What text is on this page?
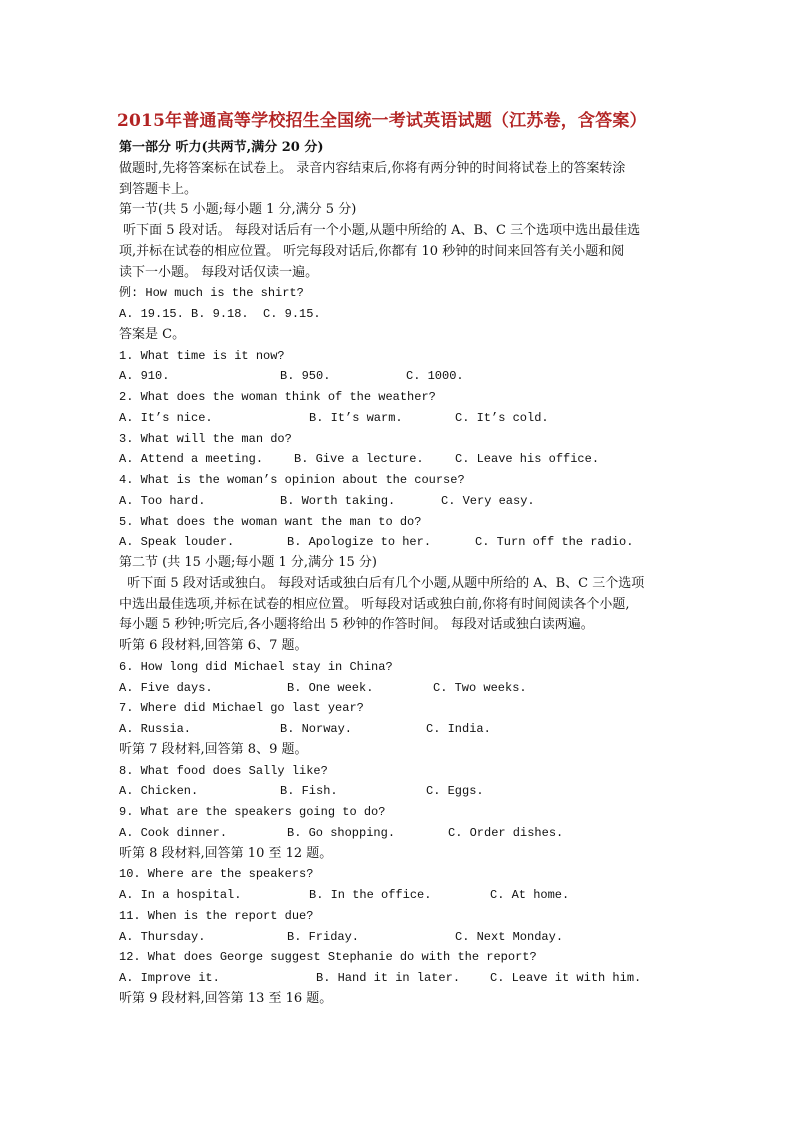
2015年普通高等学校招生全国统一考试英语试题（江苏卷，含答案）
第一部分 听力(共两节,满分 20 分)
做题时,先将答案标在试卷上。 录音内容结束后,你将有两分钟的时间将试卷上的答案转涂
到答题卡上。
第一节(共 5 小题;每小题 1 分,满分 5 分)
听下面 5 段对话。 每段对话后有一个小题,从题中所给的 A、B、C 三个选项中选出最佳选
项,并标在试卷的相应位置。 听完每段对话后,你都有 10 秒钟的时间来回答有关小题和阅
读下一小题。 每段对话仅读一遍。
例: How much is the shirt?
A. 19.15. B. 9.18.  C. 9.15.
答案是 C。
1. What time is it now?

A. 910.

	B. 950.

	C. 1000.

2. What does the woman think of the weather?

A. It’s nice.

	B. It’s warm.

	C. It’s cold.

3. What will the man do?

A. Attend a meeting.

	B. Give a lecture.

	C. Leave his office.

4. What is the woman’s opinion about the course?

A. Too hard.

	B. Worth taking.

	C. Very easy.

5. What does the woman want the man to do?

A. Speak louder.

	B. Apologize to her.

	C. Turn off the radio.

第二节 (共 15 小题;每小题 1 分,满分 15 分)
听下面 5 段对话或独白。 每段对话或独白后有几个小题,从题中所给的 A、B、C 三个选项
中选出最佳选项,并标在试卷的相应位置。 听每段对话或独白前,你将有时间阅读各个小题,
每小题 5 秒钟;听完后,各小题将给出 5 秒钟的作答时间。 每段对话或独白读两遍。
听第 6 段材料,回答第 6、7 题。
6. How long did Michael stay in China?

A. Five days.

	B. One week.

	C. Two weeks.

7. Where did Michael go last year?

A. Russia.

	B. Norway.

	C. India.

听第 7 段材料,回答第 8、9 题。
8. What food does Sally like?

A. Chicken.

	B. Fish.

	C. Eggs.

9. What are the speakers going to do?

A. Cook dinner.

	B. Go shopping.

	C. Order dishes.

听第 8 段材料,回答第 10 至 12 题。
10. Where are the speakers?

A. In a hospital.

	B. In the office.

	C. At home.

11. When is the report due?

A. Thursday.

	B. Friday.

	C. Next Monday.

12. What does George suggest Stephanie do with the report?

A. Improve it.

	B. Hand it in later.

C. Leave it with him.

听第 9 段材料,回答第 13 至 16 题。
